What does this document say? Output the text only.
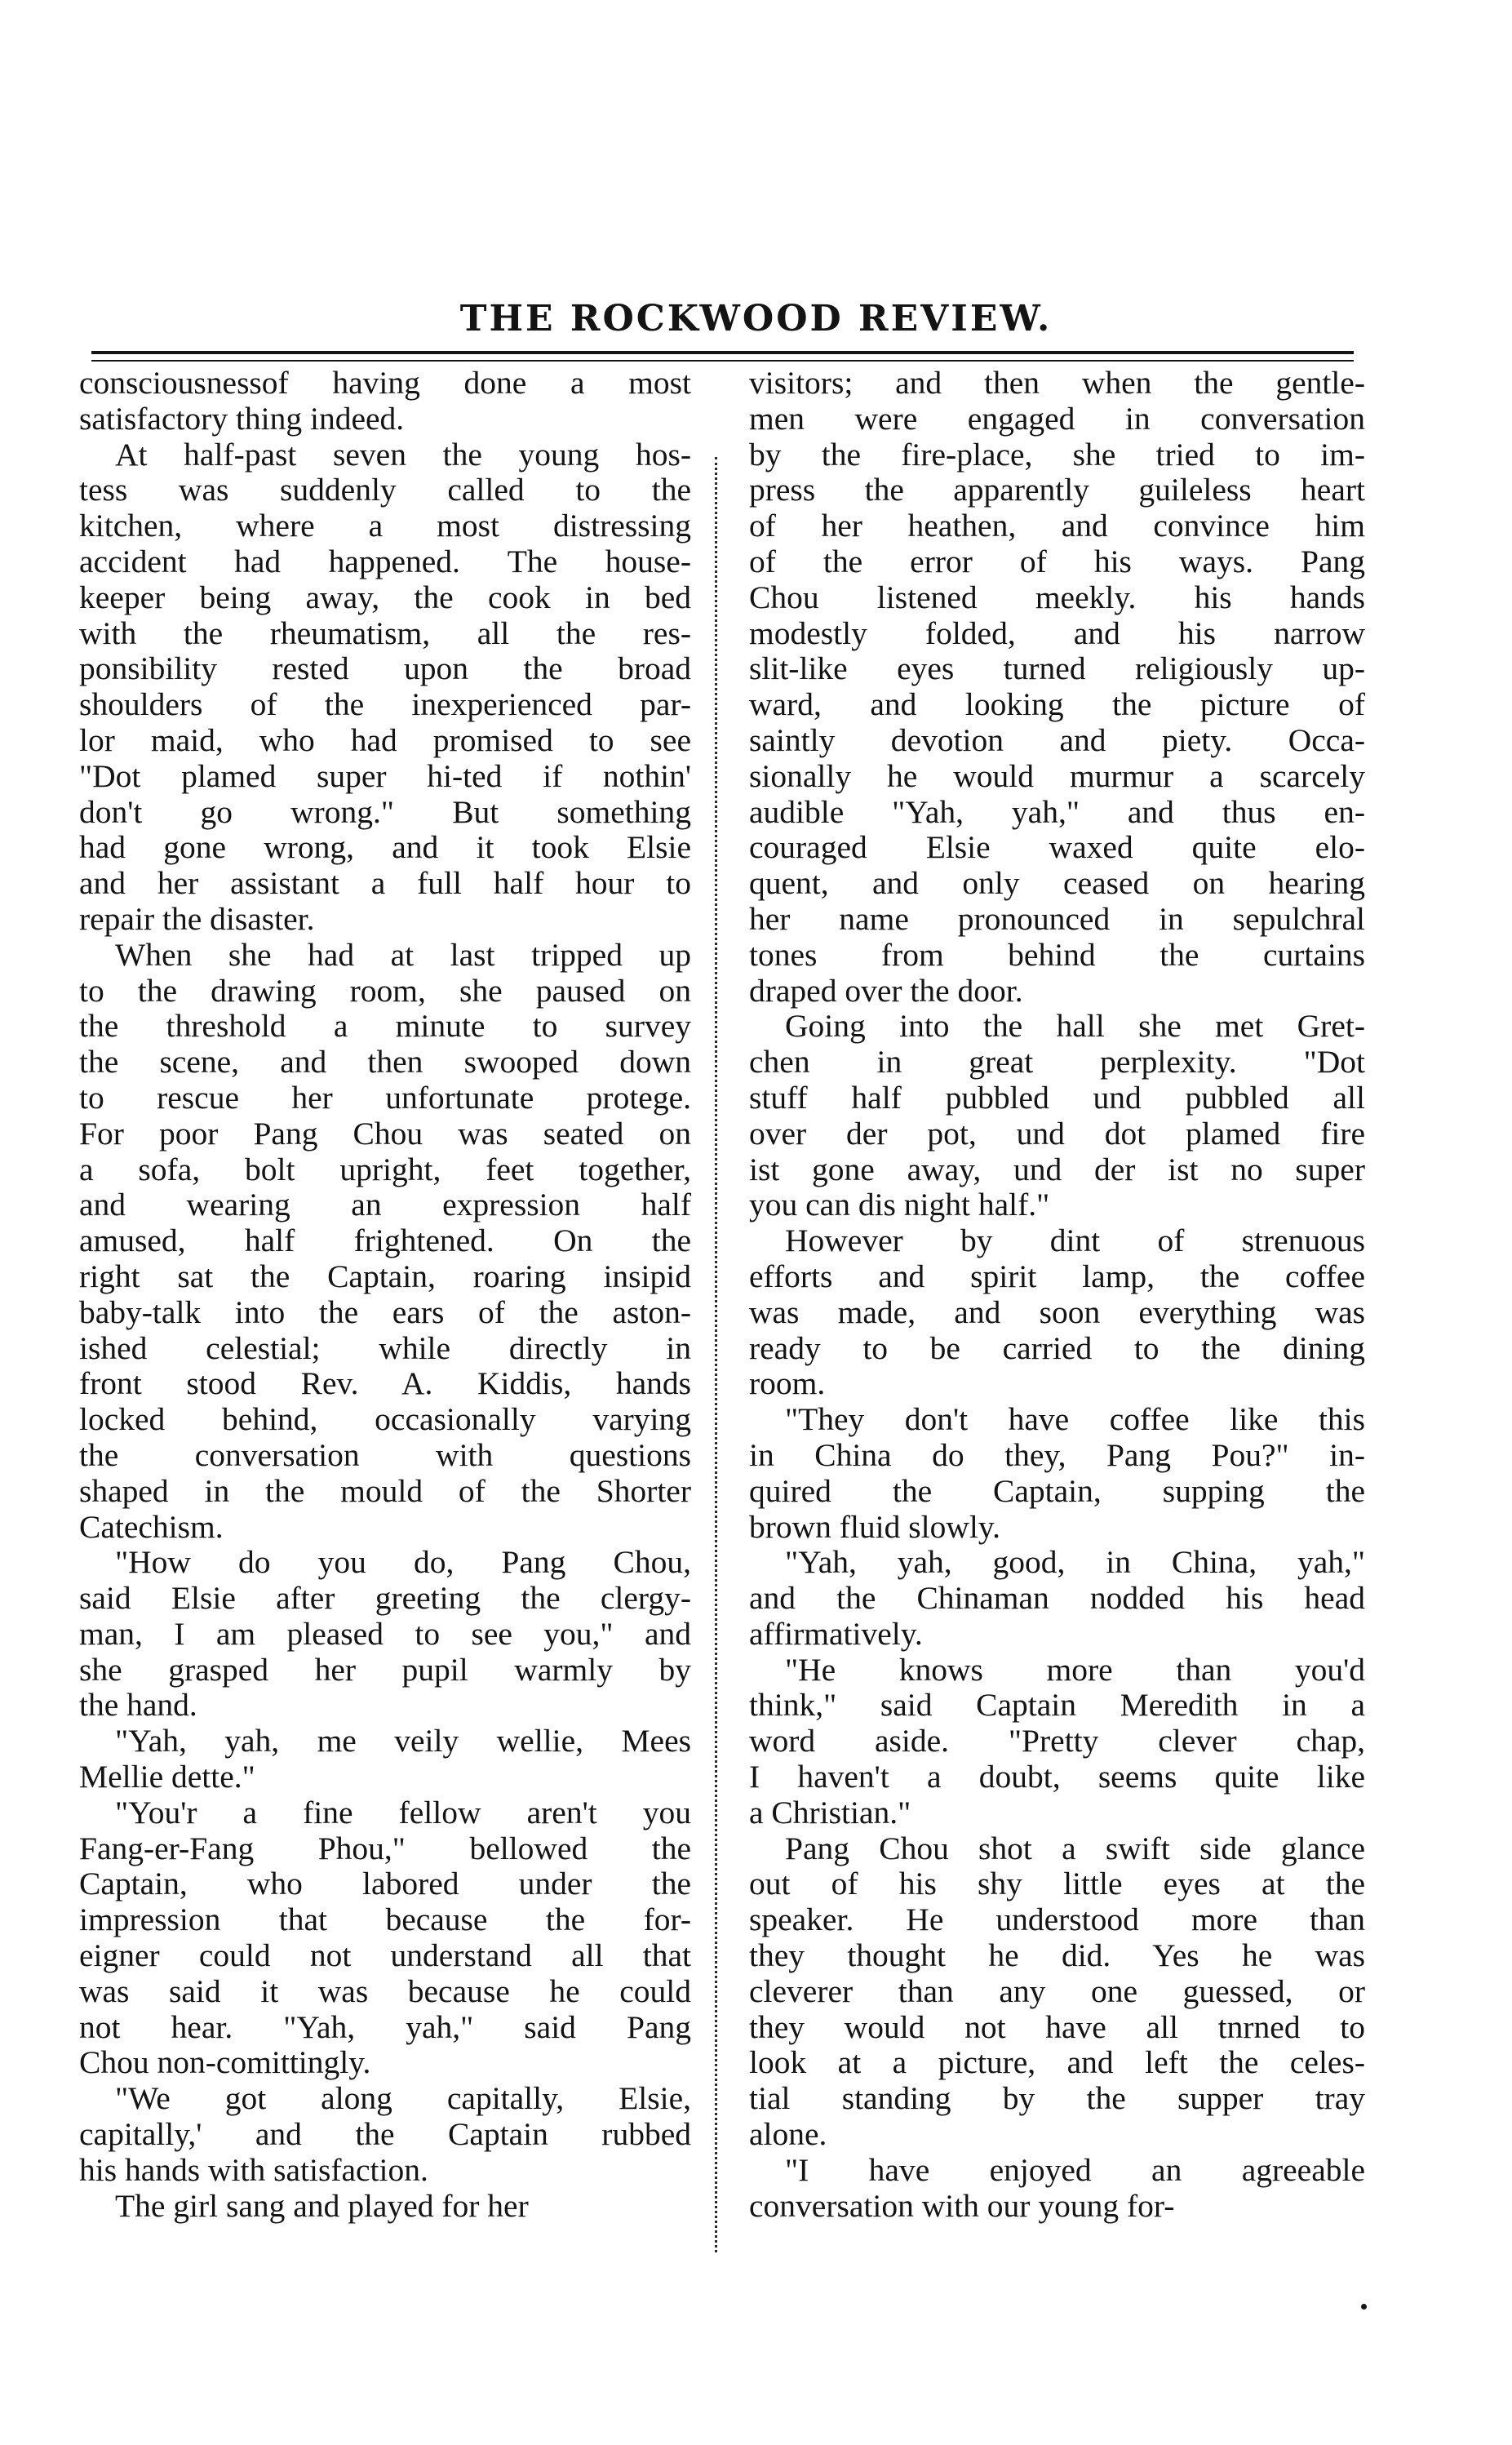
THE ROCKWOOD REVIEW.
consciousnessof having done a most
satisfactory thing indeed.
At half-past seven the young hos-
tess was suddenly called to the
kitchen, where a most distressing
accident had happened. The house-
keeper being away, the cook in bed
with the rheumatism, all the res-
ponsibility rested upon the broad
shoulders of the inexperienced par-
lor maid, who had promised to see
"Dot plamed super hi-ted if nothin'
don't go wrong." But something
had gone wrong, and it took Elsie
and her assistant a full half hour to
repair the disaster.
When she had at last tripped up
to the drawing room, she paused on
the threshold a minute to survey
the scene, and then swooped down
to rescue her unfortunate protege.
For poor Pang Chou was seated on
a sofa, bolt upright, feet together,
and wearing an expression half
amused, half frightened. On the
right sat the Captain, roaring insipid
baby-talk into the ears of the aston-
ished celestial; while directly in
front stood Rev. A. Kiddis, hands
locked behind, occasionally varying
the conversation with questions
shaped in the mould of the Shorter
Catechism.
"How do you do, Pang Chou,
said Elsie after greeting the clergy-
man, I am pleased to see you," and
she grasped her pupil warmly by
the hand.
"Yah, yah, me veily wellie, Mees
Mellie dette."
"You'r a fine fellow aren't you
Fang-er-Fang Phou," bellowed the
Captain, who labored under the
impression that because the for-
eigner could not understand all that
was said it was because he could
not hear. "Yah, yah," said Pang
Chou non-comittingly.
"We got along capitally, Elsie,
capitally,' and the Captain rubbed
his hands with satisfaction.
The girl sang and played for her
visitors; and then when the gentle-
men were engaged in conversation
by the fire-place, she tried to im-
press the apparently guileless heart
of her heathen, and convince him
of the error of his ways. Pang
Chou listened meekly. his hands
modestly folded, and his narrow
slit-like eyes turned religiously up-
ward, and looking the picture of
saintly devotion and piety. Occa-
sionally he would murmur a scarcely
audible "Yah, yah," and thus en-
couraged Elsie waxed quite elo-
quent, and only ceased on hearing
her name pronounced in sepulchral
tones from behind the curtains
draped over the door.
Going into the hall she met Gret-
chen in great perplexity. "Dot
stuff half pubbled und pubbled all
over der pot, und dot plamed fire
ist gone away, und der ist no super
you can dis night half."
However by dint of strenuous
efforts and spirit lamp, the coffee
was made, and soon everything was
ready to be carried to the dining
room.
"They don't have coffee like this
in China do they, Pang Pou?" in-
quired the Captain, supping the
brown fluid slowly.
"Yah, yah, good, in China, yah,"
and the Chinaman nodded his head
affirmatively.
"He knows more than you'd
think," said Captain Meredith in a
word aside. "Pretty clever chap,
I haven't a doubt, seems quite like
a Christian."
Pang Chou shot a swift side glance
out of his shy little eyes at the
speaker. He understood more than
they thought he did. Yes he was
cleverer than any one guessed, or
they would not have all tnrned to
look at a picture, and left the celes-
tial standing by the supper tray
alone.
"I have enjoyed an agreeable
conversation with our young for-
